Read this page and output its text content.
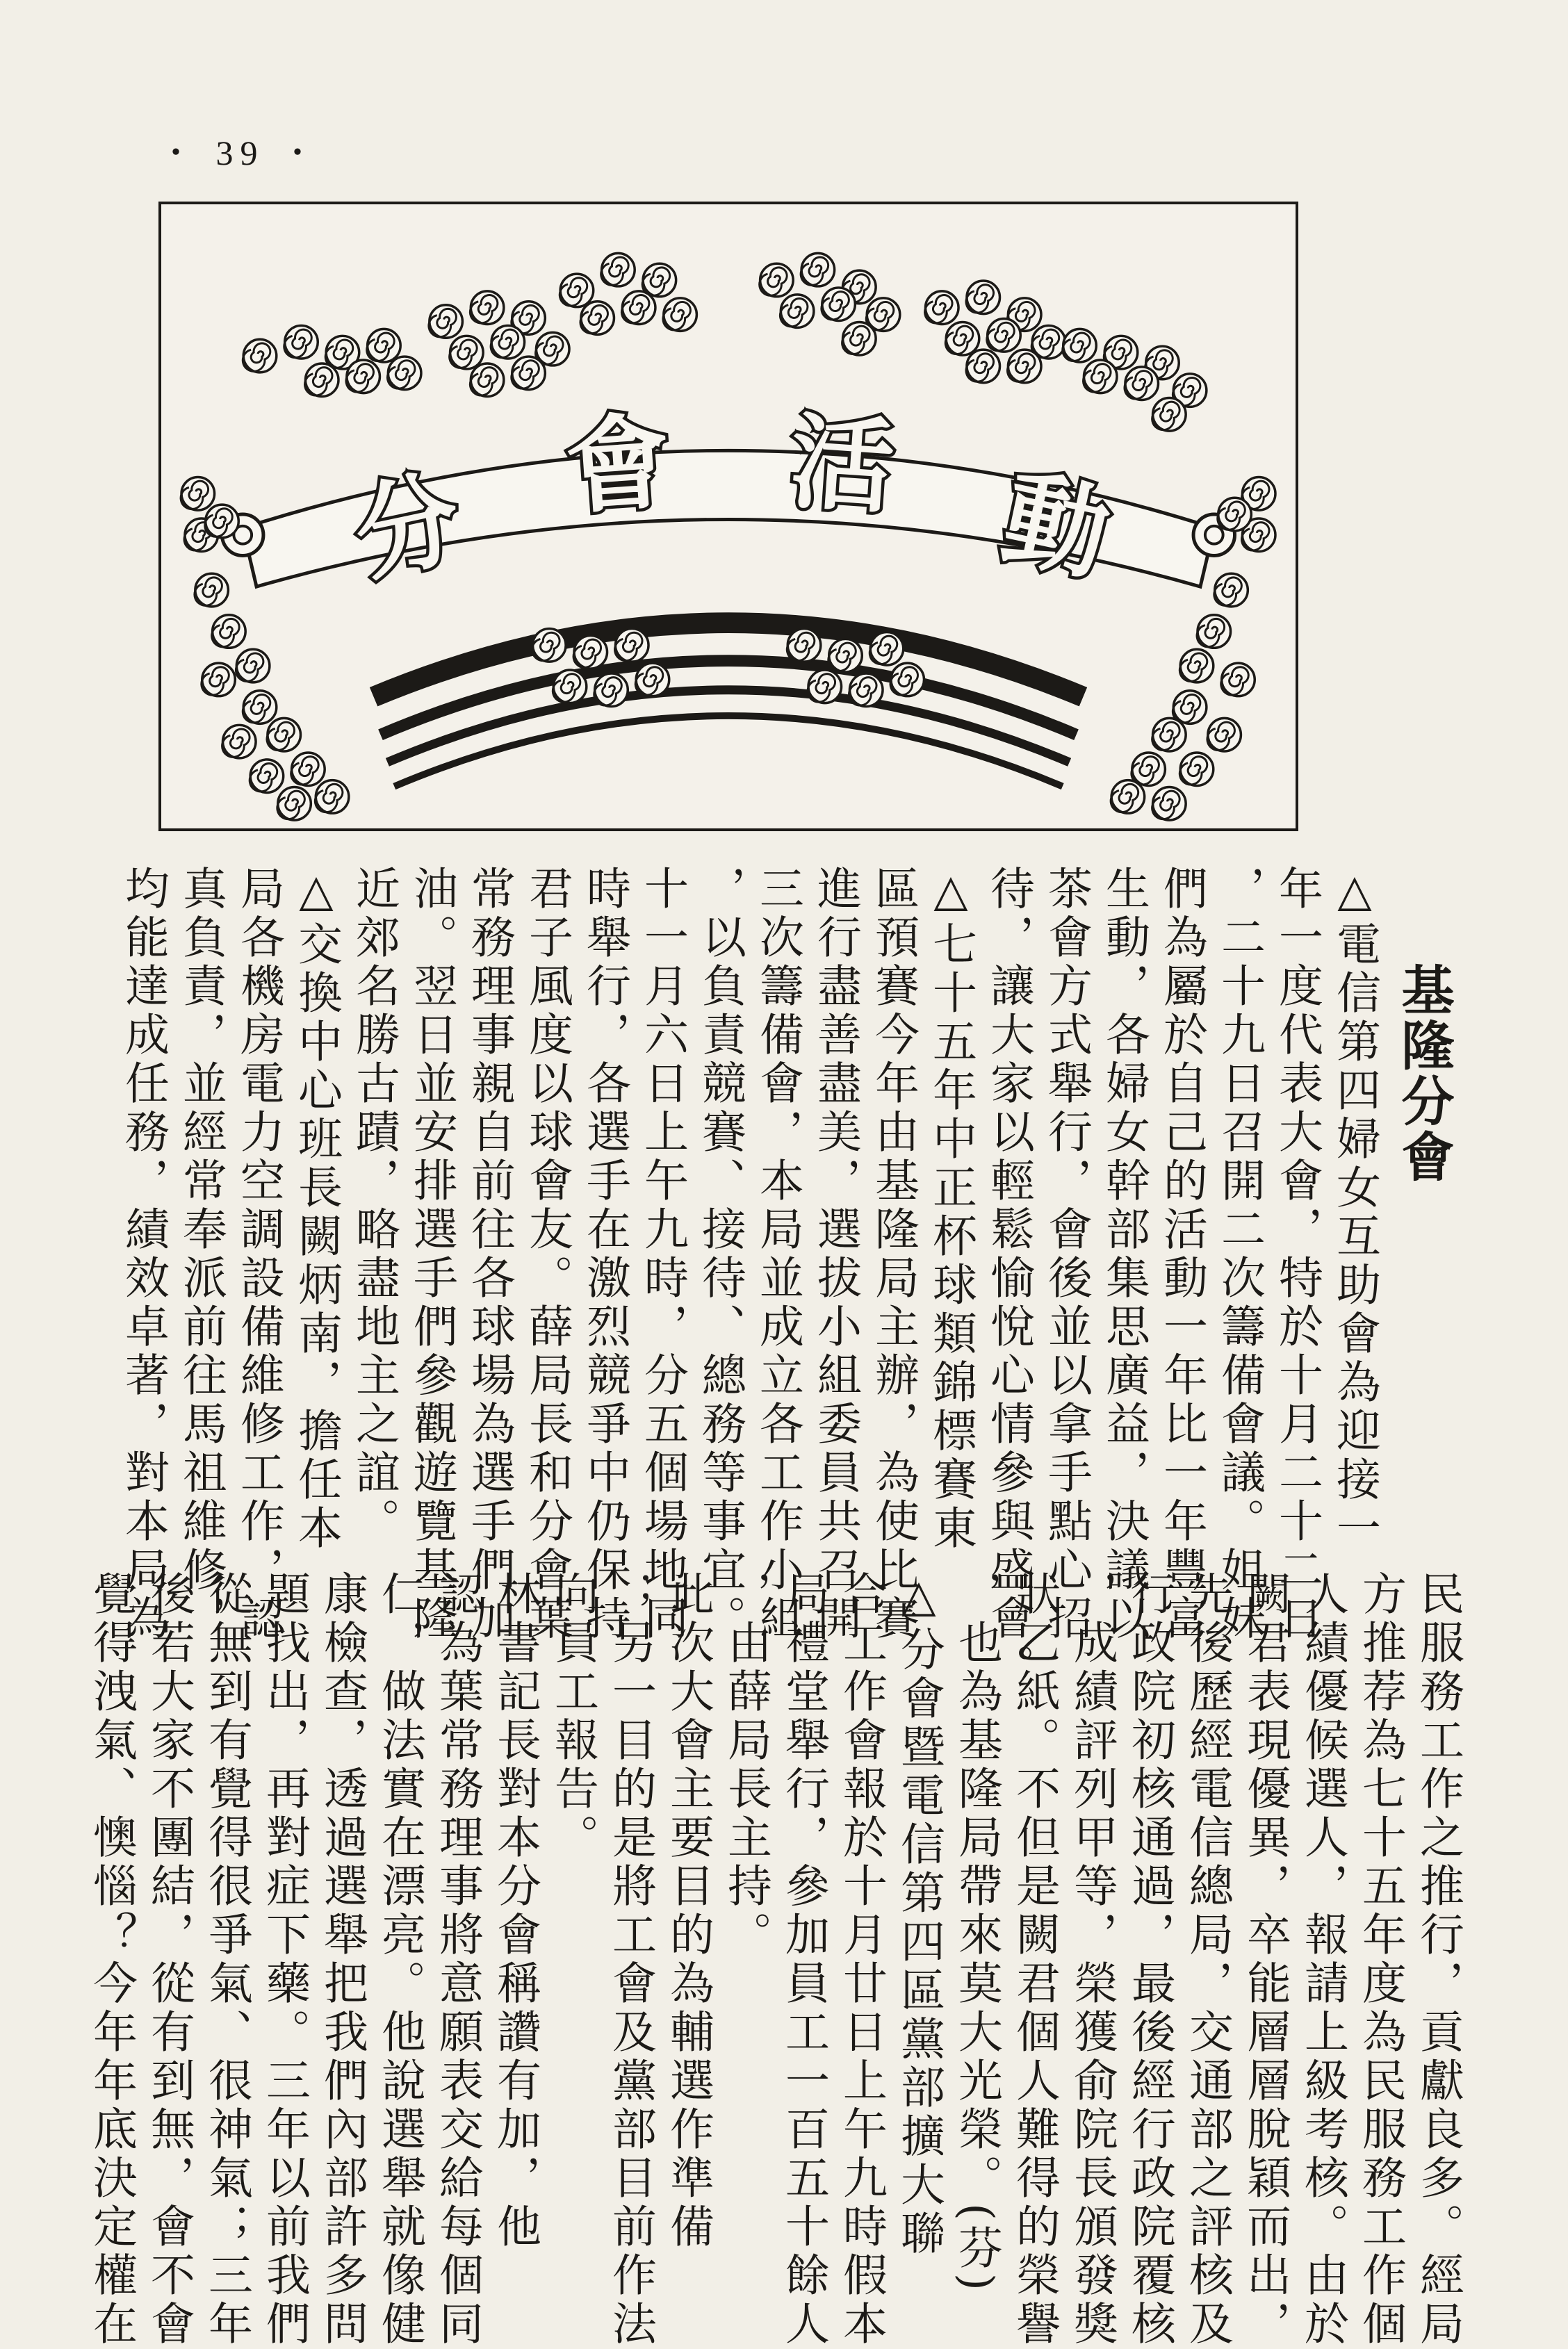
・ 39 ・
分 會 活 動
基隆分會

△電信第四婦女互助會為迎接一

年一度代表大會，特於十月二十二日

，二十九日召開二次籌備會議。姐妹

們為屬於自己的活動一年比一年豐富

生動，各婦女幹部集思廣益，決議以

茶會方式舉行，會後並以拿手點心招

待，讓大家以輕鬆愉悅心情參與盛會。

△七十五年中正杯球類錦標賽東

區預賽今年由基隆局主辦，為使比賽

進行盡善盡美，選拔小組委員共召開

三次籌備會，本局並成立各工作小組

，以負責競賽、接待、總務等事宜。

十一月六日上午九時，分五個場地同

時舉行，各選手在激烈競爭中仍保持

君子風度以球會友。薛局長和分會葉

常務理事親自前往各球場為選手們加

油。翌日並安排選手們參觀遊覽基隆

近郊名勝古蹟，略盡地主之誼。

△交換中心班長闕炳南，擔任本

局各機房電力空調設備維修工作，認

真負責，並經常奉派前往馬祖維修，

均能達成任務，績效卓著，對本局為

民服務工作之推行，貢獻良多。經局

方推荐為七十五年度為民服務工作個

人績優候選人，報請上級考核。由於

闕君表現優異，卒能層層脫穎而出，

先後歷經電信總局，交通部之評核及

行政院初核通過，最後經行政院覆核

，成績評列甲等，榮獲俞院長頒發獎

狀乙紙。不但是闕君個人難得的榮譽

，也為基隆局帶來莫大光榮。(芬)

△分會暨電信第四區黨部擴大聯

合工作會報於十月廿日上午九時假本

局禮堂舉行，參加員工一百五十餘人

，由薛局長主持。

此次大會主要目的為輔選作準備

；另一目的是將工會及黨部目前作法

向員工報告。

林書記長對本分會稱讚有加，他

認為葉常務理事將意願表交給每個同

仁，做法實在漂亮。他說選舉就像健

康檢查，透過選舉把我們內部許多問

題找出，再對症下藥。三年以前我們

從無到有覺得很爭氣、很神氣；三年

後若大家不團結，從有到無，會不會

覺得洩氣、懊惱？今年年底決定權在
